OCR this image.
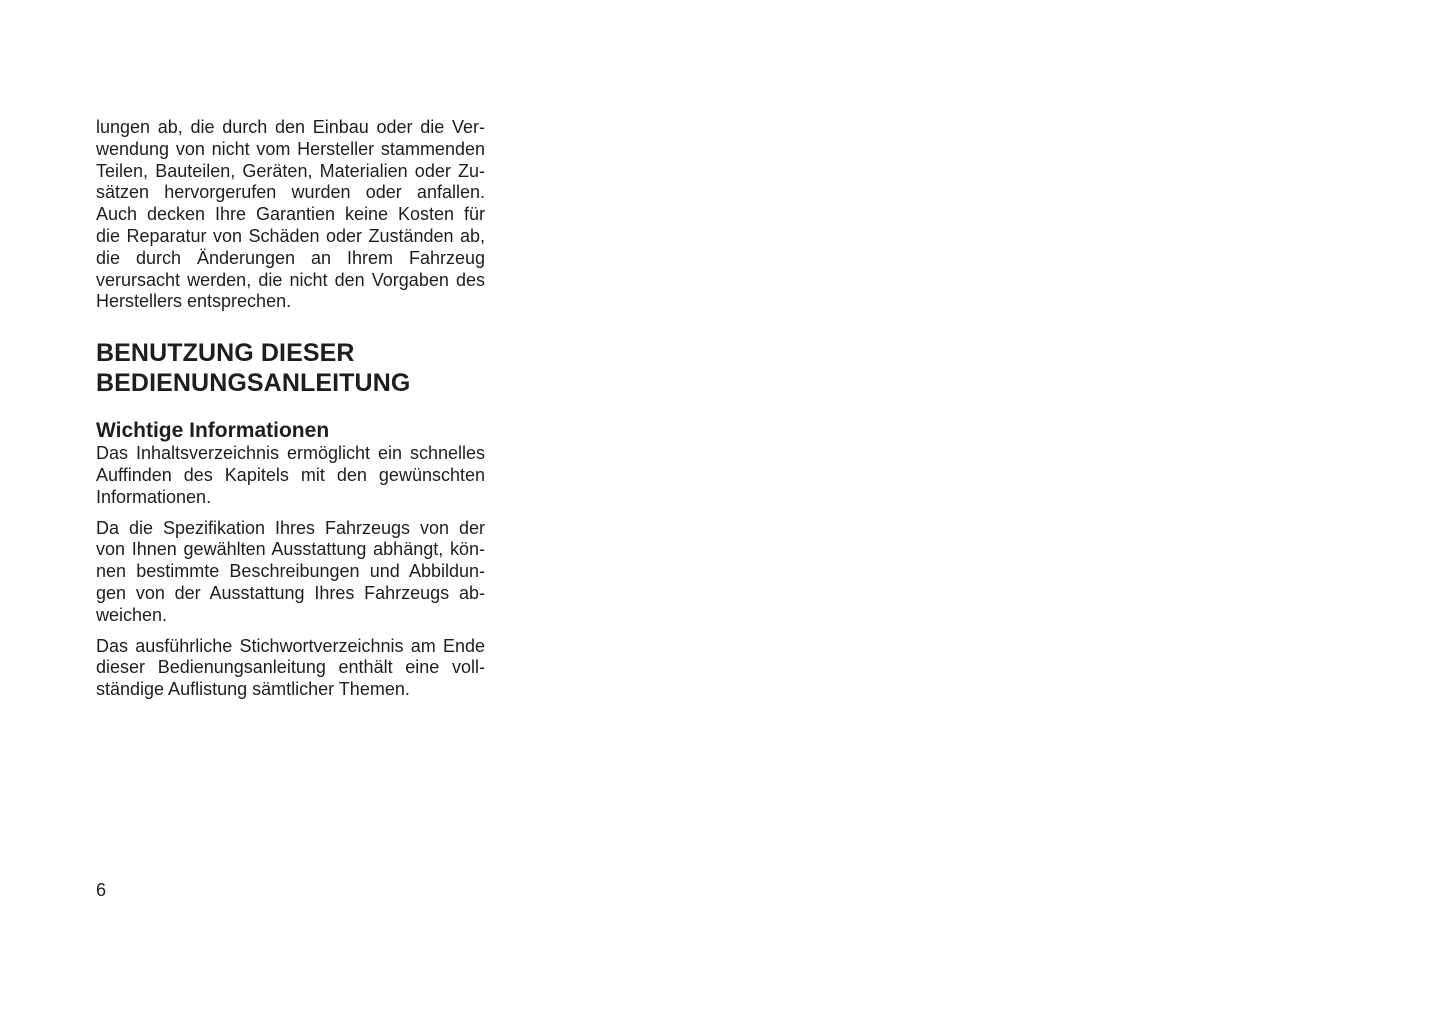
lungen ab, die durch den Einbau oder die Ver-
wendung von nicht vom Hersteller stammenden
Teilen, Bauteilen, Geräten, Materialien oder Zu-
sätzen hervorgerufen wurden oder anfallen.
Auch decken Ihre Garantien keine Kosten für
die Reparatur von Schäden oder Zuständen ab,
die durch Änderungen an Ihrem Fahrzeug
verursacht werden, die nicht den Vorgaben des
Herstellers entsprechen.

BENUTZUNG DIESER
BEDIENUNGSANLEITUNG
Wichtige Informationen

Das Inhaltsverzeichnis ermöglicht ein schnelles
Auffinden des Kapitels mit den gewünschten
Informationen.

Da die Spezifikation Ihres Fahrzeugs von der
von Ihnen gewählten Ausstattung abhängt, kön-
nen bestimmte Beschreibungen und Abbildun-
gen von der Ausstattung Ihres Fahrzeugs ab-
weichen.

Das ausführliche Stichwortverzeichnis am Ende
dieser Bedienungsanleitung enthält eine voll-
ständige Auflistung sämtlicher Themen.

6
